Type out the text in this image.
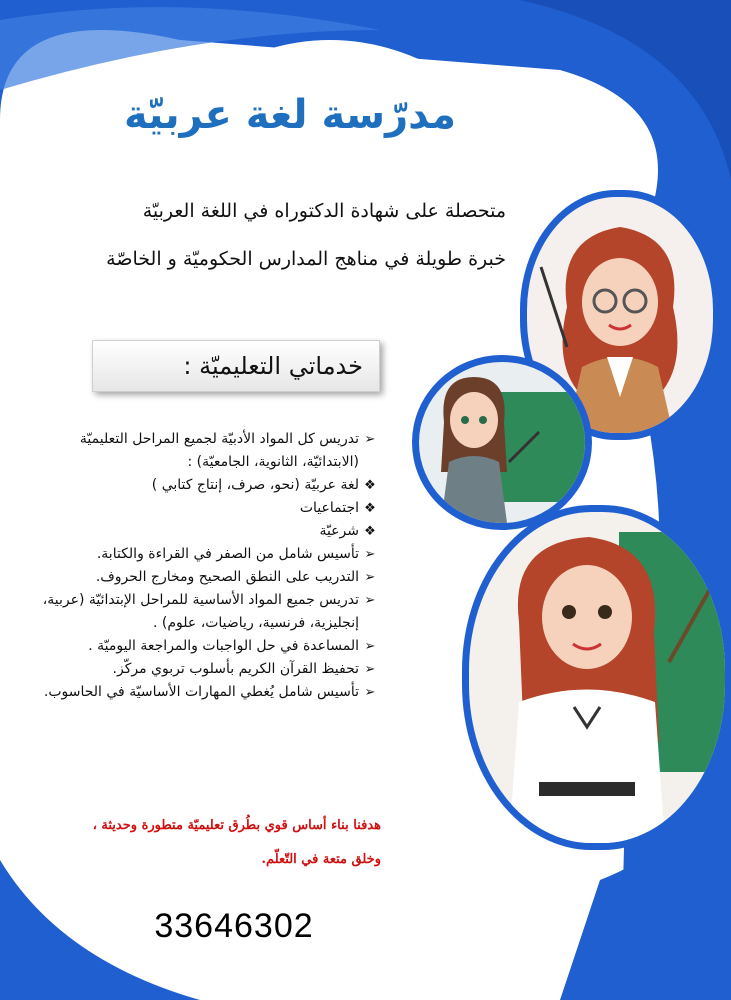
مدرّسة لغة عربيّة
متحصلة على شهادة الدكتوراه في اللغة العربيّة
خبرة طويلة في مناهج المدارس الحكوميّة و الخاصّة
خدماتي التعليميّة :
➢
تدريس كل المواد الأدبيّة لجميع المراحل التعليميّة (الابتدائيّة، الثانوية، الجامعيّة) :
❖
لغة عربيّة (نحو، صرف، إنتاج كتابي )
❖
اجتماعيات
❖
شرعيّة
➢
تأسيس شامل من الصفر في القراءة والكتابة.
➢
التدريب على النطق الصحيح ومخارج الحروف.
➢
تدريس جميع المواد الأساسية للمراحل الإبتدائيّة (عربية، إنجليزية، فرنسية، رياضيات، علوم) .
➢
المساعدة في حل الواجبات والمراجعة اليوميّة .
➢
تحفيظ القرآن الكريم بأسلوب تربوي مركّز.
➢
تأسيس شامل يُغطي المهارات الأساسيّة في الحاسوب.
هدفنا بناء أساس قوي بطُرق تعليميّة متطورة وحديثة ،
وخلق متعة في التّعلّم.
33646302
